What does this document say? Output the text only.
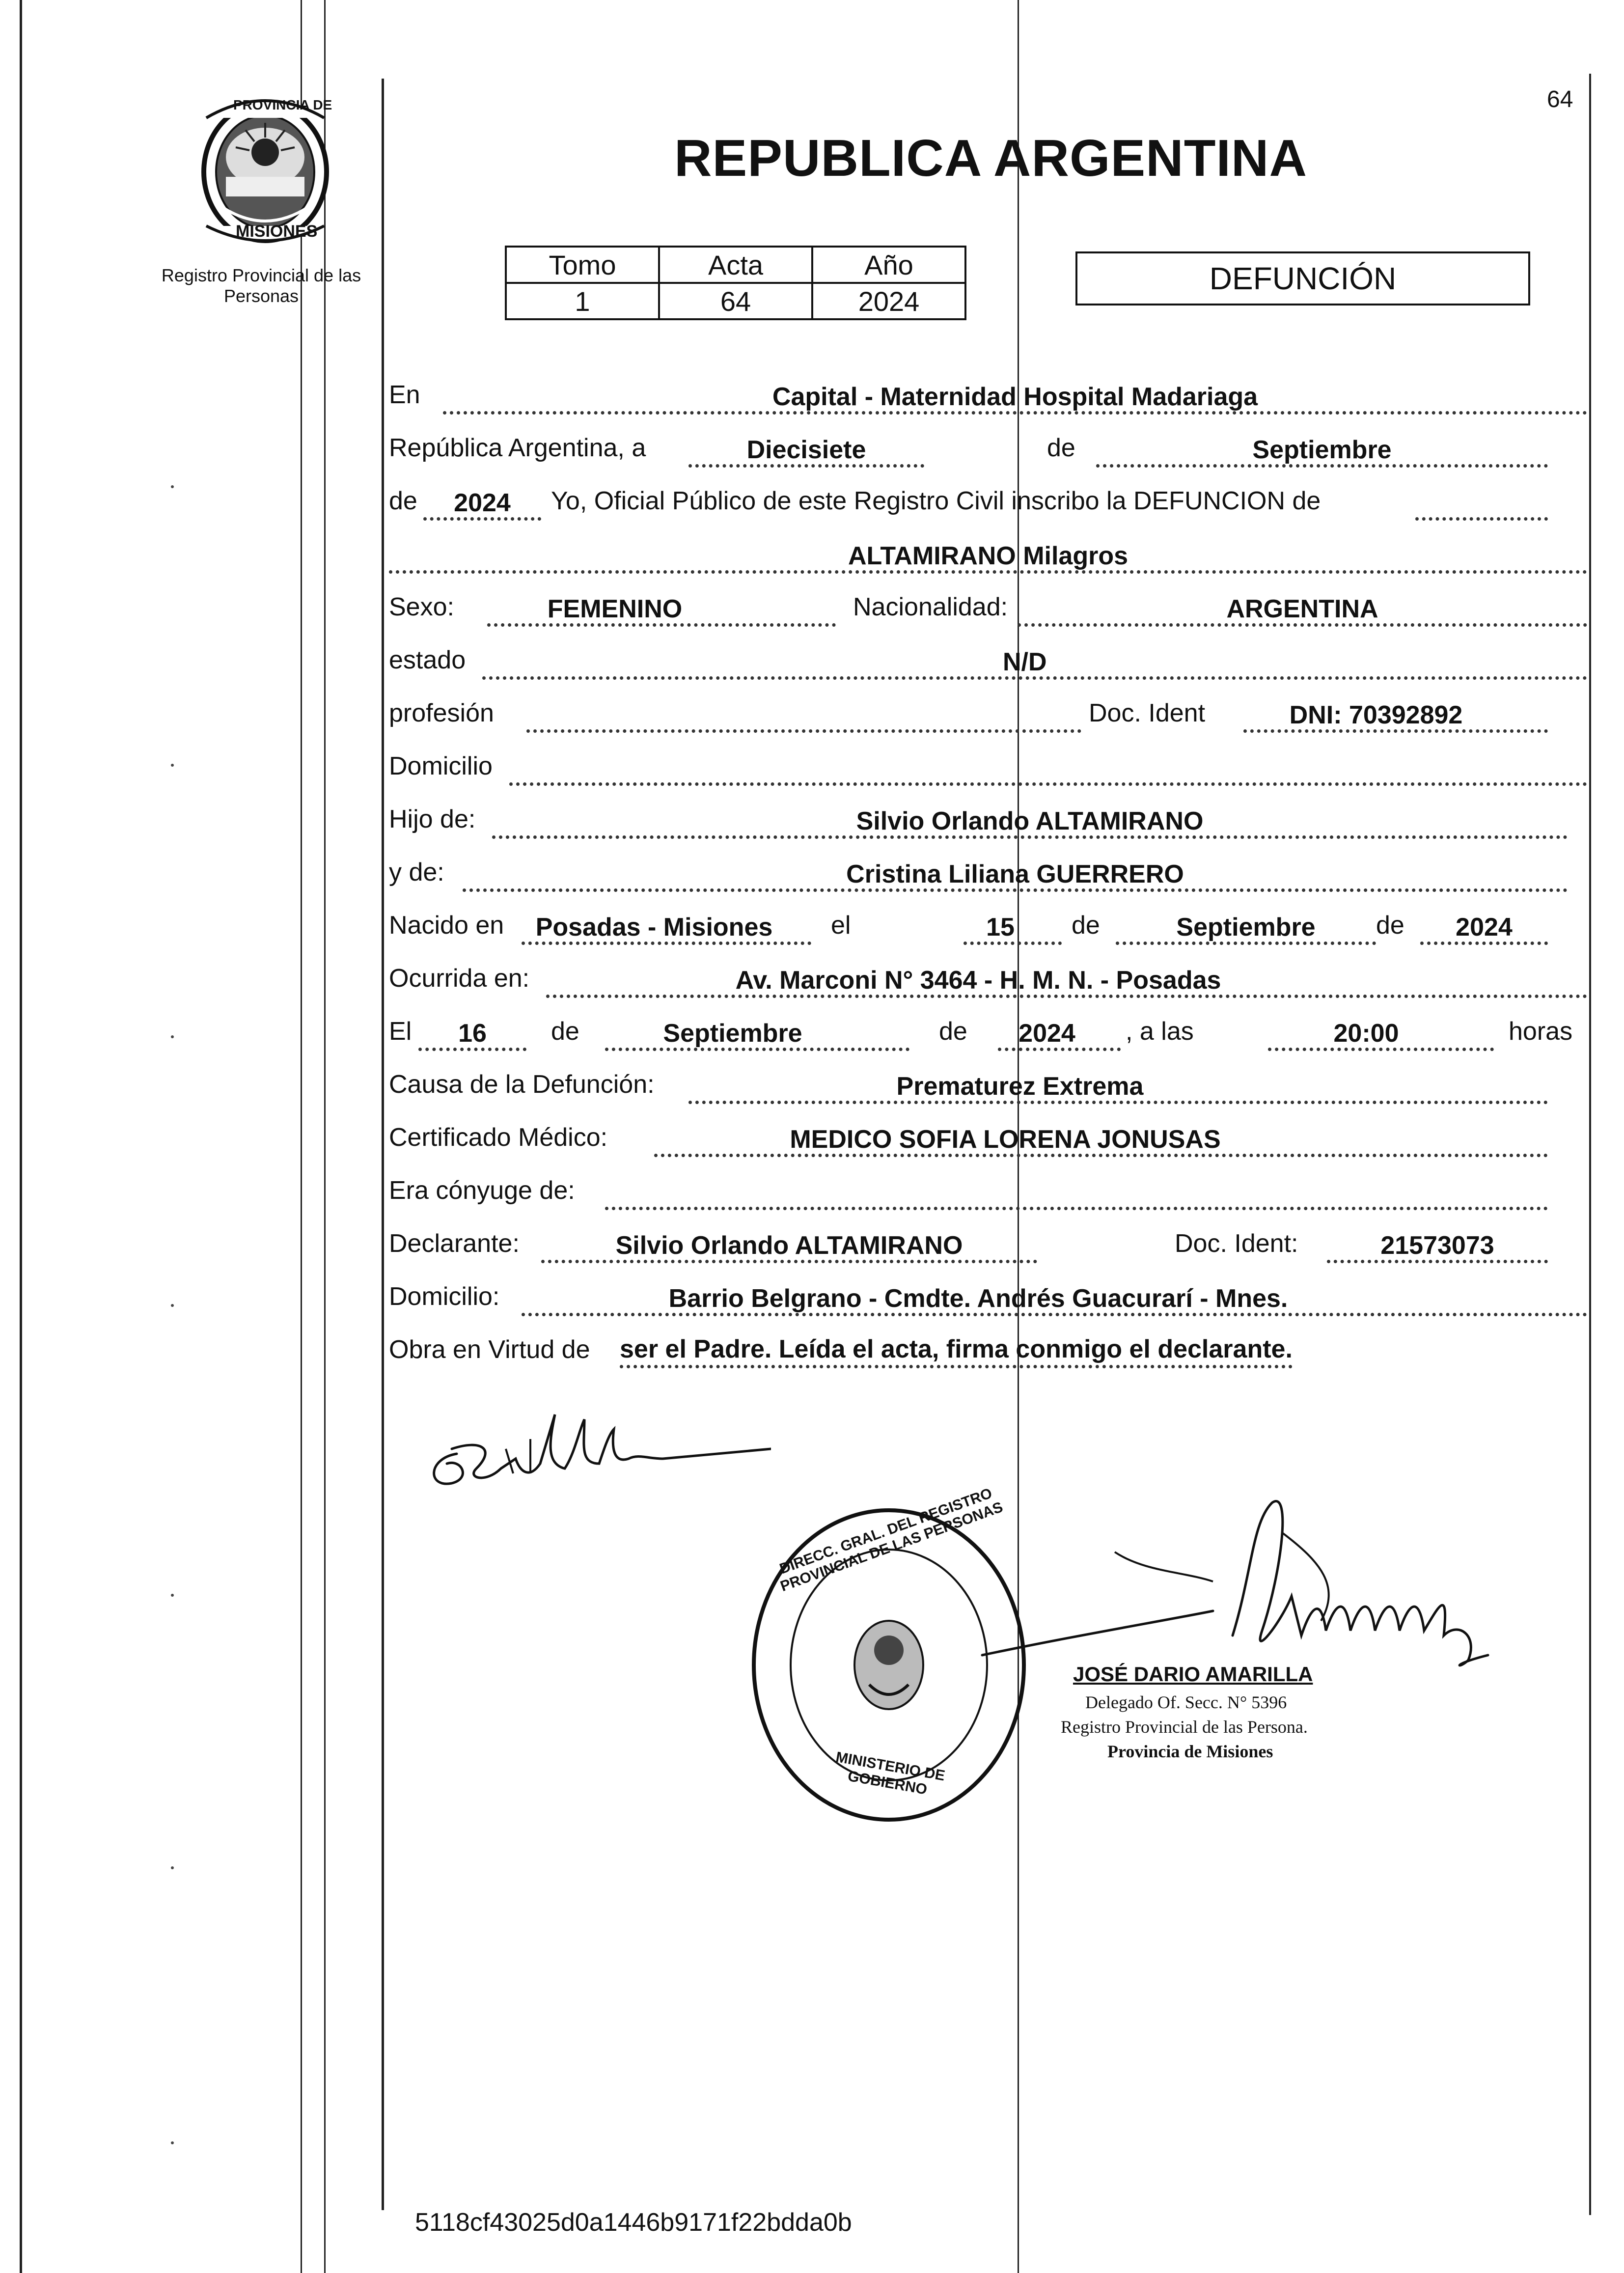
64
PROVINCIA DE
MISIONES
Registro Provincial de las Personas
REPUBLICA ARGENTINA
Tomo	Acta	Año
1	64	2024
DEFUNCIÓN
En	Capital - Maternidad Hospital Madariaga
República Argentina, a	Diecisiete	de	Septiembre
de	2024	Yo, Oficial Público de este Registro Civil inscribo la DEFUNCION de
ALTAMIRANO Milagros
Sexo:	FEMENINO	Nacionalidad:	ARGENTINA
estado	N/D
profesión	Doc. Ident	DNI: 70392892
Domicilio
Hijo de:	Silvio Orlando ALTAMIRANO
y de:	Cristina Liliana GUERRERO
Nacido en	Posadas - Misiones	el	15	de	Septiembre	de	2024
Ocurrida en:	Av. Marconi N° 3464 - H. M. N. - Posadas
El	16	de	Septiembre	de	2024	, a las	20:00	horas
Causa de la Defunción:	Prematurez Extrema
Certificado Médico:	MEDICO SOFIA LORENA JONUSAS
Era cónyuge de:
Declarante:	Silvio Orlando ALTAMIRANO	Doc. Ident:	21573073
Domicilio:	Barrio Belgrano - Cmdte. Andrés Guacurarí - Mnes.
Obra en Virtud de ser el Padre. Leída el acta, firma conmigo el declarante.
DIRECC. GRAL. DEL REGISTRO PROVINCIAL DE LAS PERSONAS
MINISTERIO DE GOBIERNO
JOSÉ DARIO AMARILLA
Delegado Of. Secc. N° 5396
Registro Provincial de las Persona.
Provincia de Misiones
5118cf43025d0a1446b9171f22bdda0b
